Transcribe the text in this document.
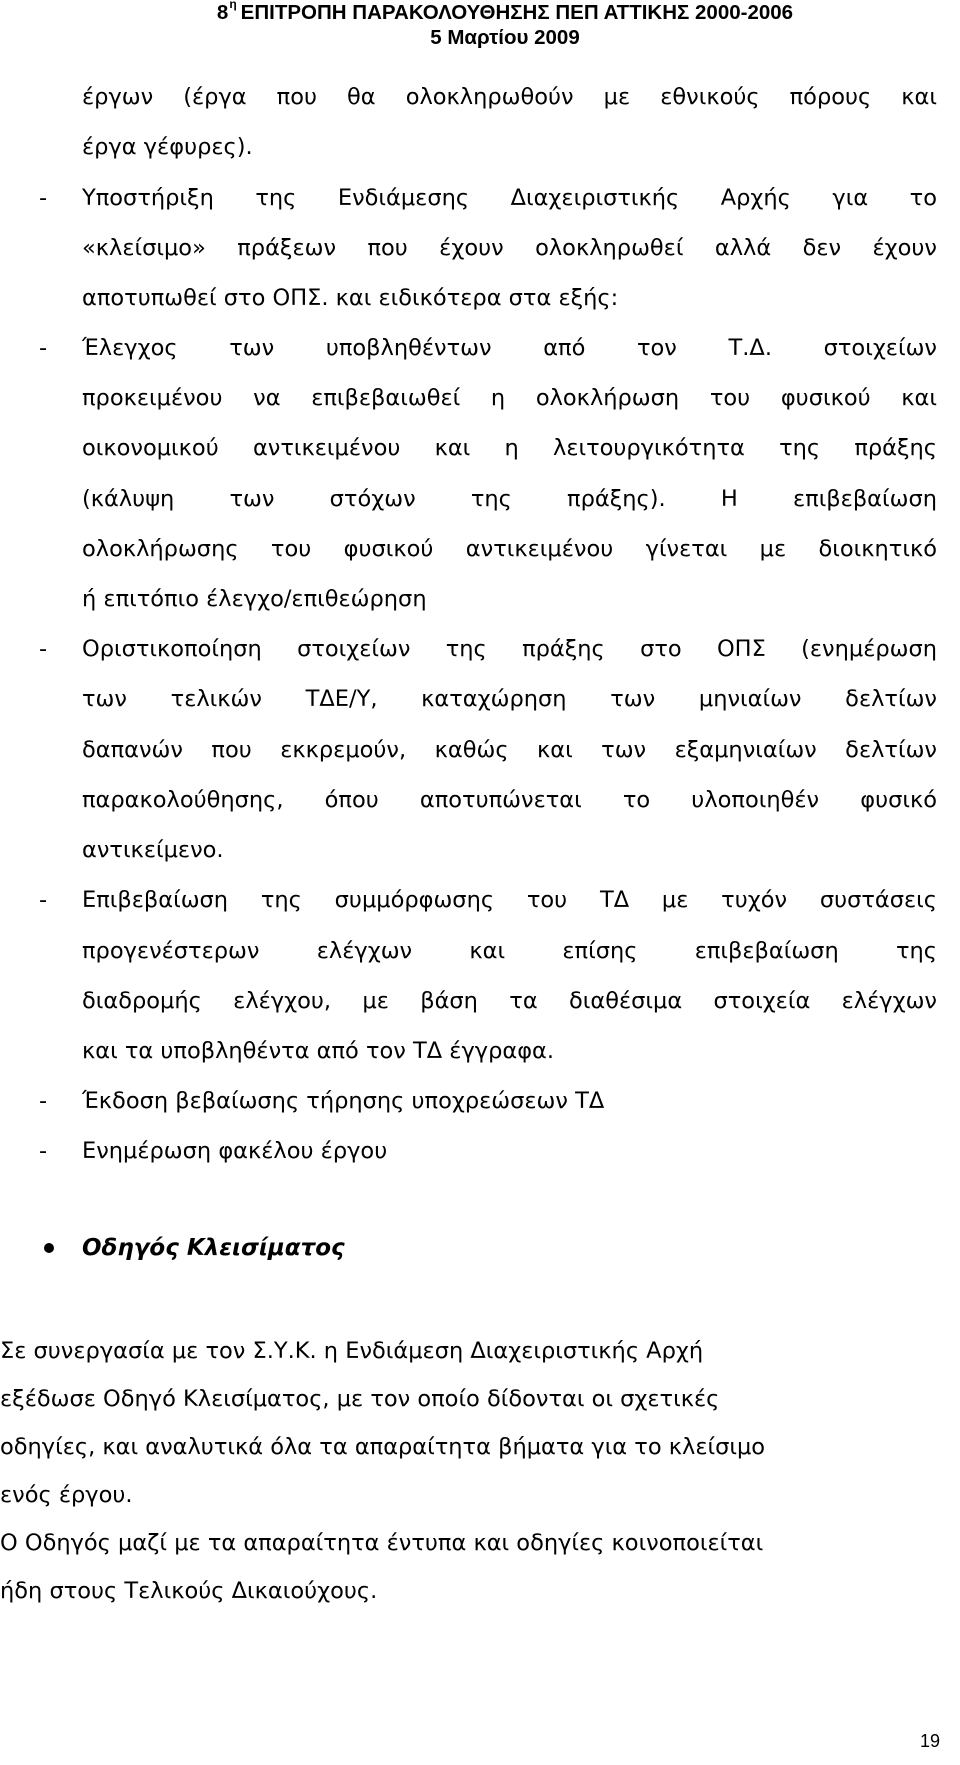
$8^\eta$ ΕΠΙΤΡΟΠΗ ΠΑΡΑΚΟΛΟΥΘΗΣΗΣ ΠΕΠ ΑΤΤΙΚΗΣ 2000-2006
5 Μαρτίου 2009
έργων (έργα που θα ολοκληρωθούν με εθνικούς πόρους και
έργα γέφυρες).
Υποστήριξη της Ενδιάμεσης Διαχειριστικής Αρχής για το
«κλείσιμο» πράξεων που έχουν ολοκληρωθεί αλλά δεν έχουν
αποτυπωθεί στο ΟΠΣ. και ειδικότερα στα εξής:
Έλεγχος των υποβληθέντων από τον Τ.Δ. στοιχείων
προκειμένου να επιβεβαιωθεί η ολοκλήρωση του φυσικού και
οικονομικού αντικειμένου και η λειτουργικότητα της πράξης
(κάλυψη των στόχων της πράξης). Η επιβεβαίωση
ολοκλήρωσης του φυσικού αντικειμένου γίνεται με διοικητικό
ή επιτόπιο έλεγχο/επιθεώρηση
Οριστικοποίηση στοιχείων της πράξης στο ΟΠΣ (ενημέρωση
των τελικών ΤΔΕ/Υ, καταχώρηση των μηνιαίων δελτίων
δαπανών που εκκρεμούν, καθώς και των εξαμηνιαίων δελτίων
παρακολούθησης, όπου αποτυπώνεται το υλοποιηθέν φυσικό
αντικείμενο.
Επιβεβαίωση της συμμόρφωσης του ΤΔ με τυχόν συστάσεις
προγενέστερων ελέγχων και επίσης επιβεβαίωση της
διαδρομής ελέγχου, με βάση τα διαθέσιμα στοιχεία ελέγχων
και τα υποβληθέντα από τον ΤΔ έγγραφα.
Έκδοση βεβαίωσης τήρησης υποχρεώσεων ΤΔ
Ενημέρωση φακέλου έργου
-
-
-
-
-
-
Οδηγός Κλεισίματος
Σε συνεργασία με τον Σ.Υ.Κ. η Ενδιάμεση Διαχειριστικής Αρχή
εξέδωσε Οδηγό Κλεισίματος, με τον οποίο δίδονται οι σχετικές
οδηγίες, και αναλυτικά όλα τα απαραίτητα βήματα για το κλείσιμο
ενός έργου.
Ο Οδηγός μαζί με τα απαραίτητα έντυπα και οδηγίες κοινοποιείται
ήδη στους Τελικούς Δικαιούχους.
19
